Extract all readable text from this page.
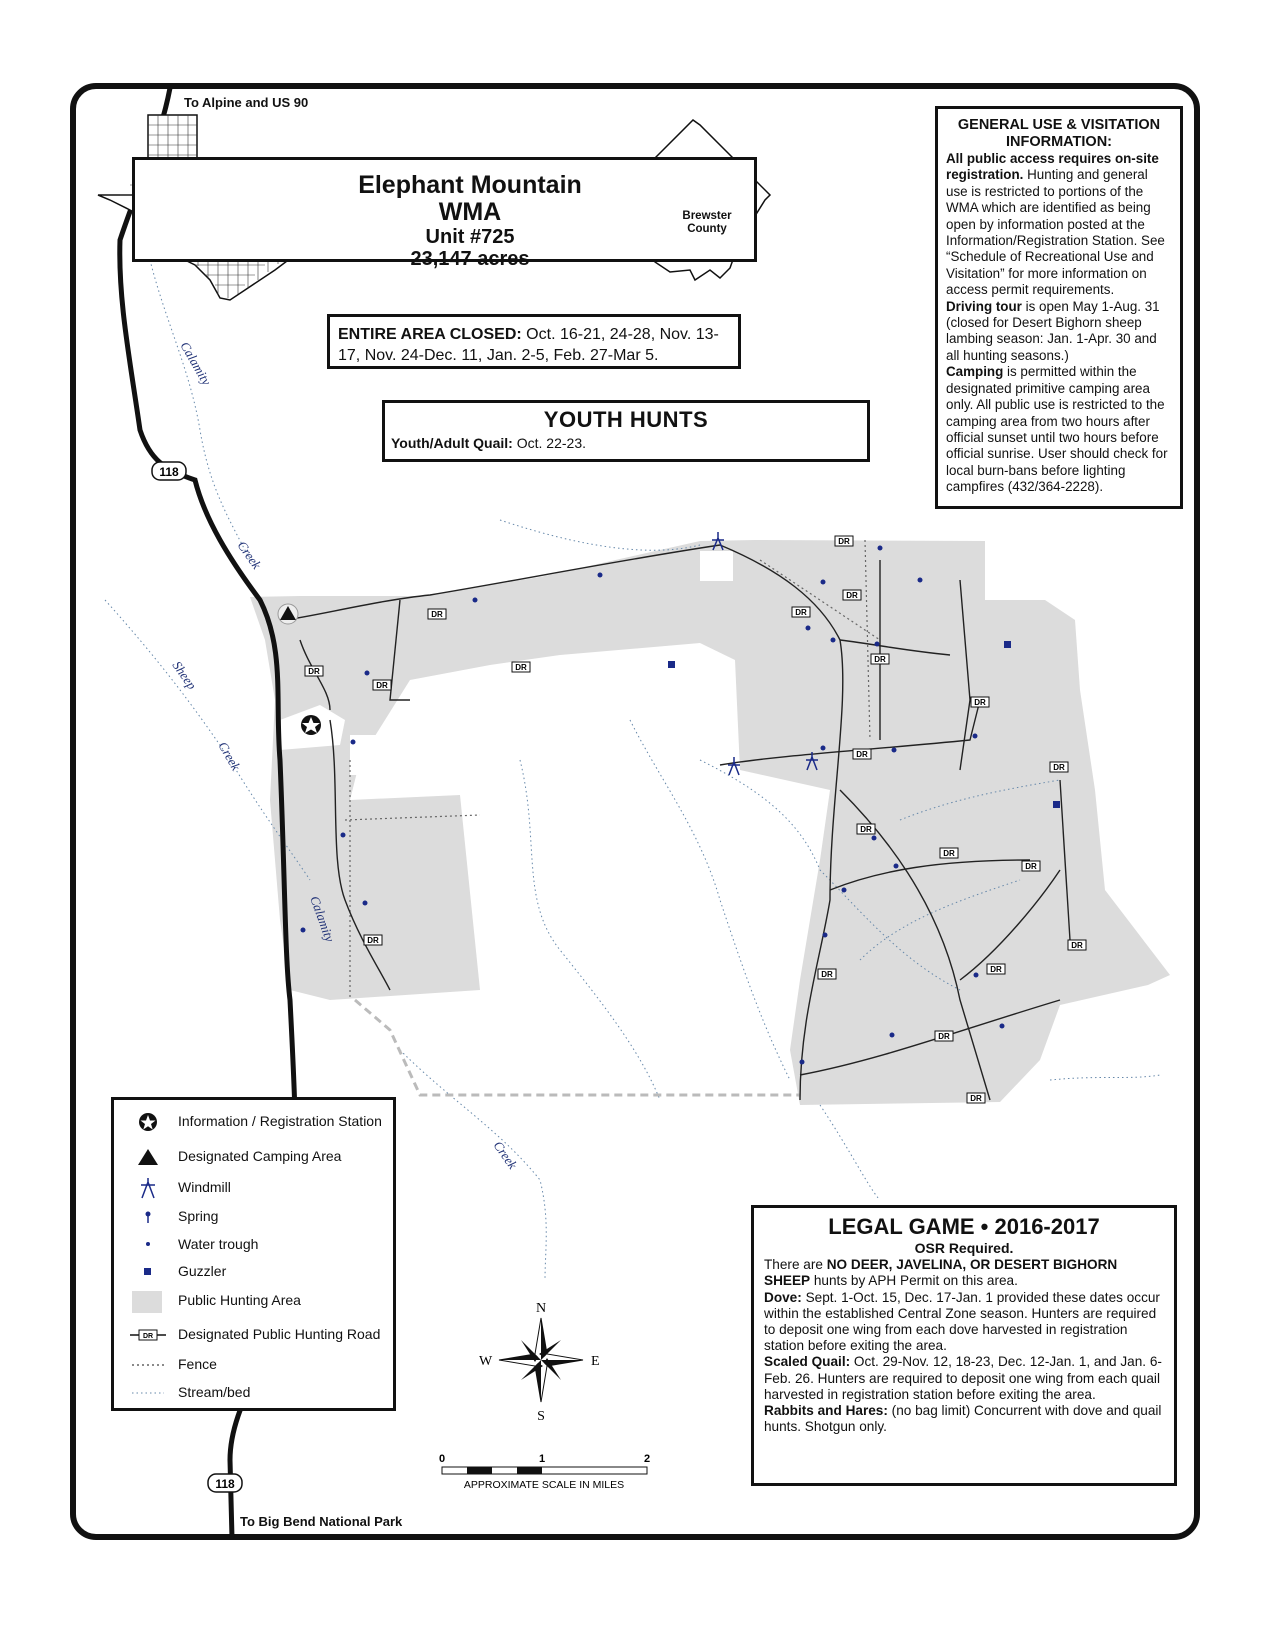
118
118
Calamity
Creek
Sheep
Creek
Calamity
Creek
DR
DR
DR
DR
DR
DR
DR
DR
DR
DR
DR
DR
DR
DR
DR
DR
DR
DR
DR
DR
N
S
E
W
0	1	2
APPROXIMATE SCALE IN MILES
To Alpine and US 90
To Big Bend National Park
Elephant Mountain WMA
Unit #725
23,147 acres
Brewster County
ENTIRE AREA CLOSED: Oct. 16-21, 24-28, Nov. 13-17, Nov. 24-Dec. 11, Jan. 2-5, Feb. 27-Mar 5.
YOUTH HUNTS
Youth/Adult Quail: Oct. 22-23.
GENERAL USE & VISITATION INFORMATION:
All public access requires on-site registration. Hunting and general use is restricted to portions of the WMA which are identified as being open by information posted at the Information/Registration Station. See “Schedule of Recreational Use and Visitation” for more information on access permit requirements.
Driving tour is open May 1-Aug. 31 (closed for Desert Bighorn sheep lambing season: Jan. 1-Apr. 30 and all hunting seasons.)
Camping is permitted within the designated primitive camping area only. All public use is restricted to the camping area from two hours after official sunset until two hours before official sunrise. User should check for local burn-bans before lighting campfires (432/364-2228).
Information / Registration Station
Designated Camping Area
Windmill
Spring
Water trough
Guzzler
Public Hunting Area
DR Designated Public Hunting Road
Fence
Stream/bed
LEGAL GAME • 2016-2017
OSR Required.

There are NO DEER, JAVELINA, OR DESERT BIGHORN SHEEP hunts by APH Permit on this area.

Dove: Sept. 1-Oct. 15, Dec. 17-Jan. 1 provided these dates occur within the established Central Zone season. Hunters are required to deposit one wing from each dove harvested in registration station before exiting the area.

Scaled Quail: Oct. 29-Nov. 12, 18-23, Dec. 12-Jan. 1, and Jan. 6-Feb. 26. Hunters are required to deposit one wing from each quail harvested in registration station before exiting the area.

Rabbits and Hares: (no bag limit) Concurrent with dove and quail hunts. Shotgun only.
